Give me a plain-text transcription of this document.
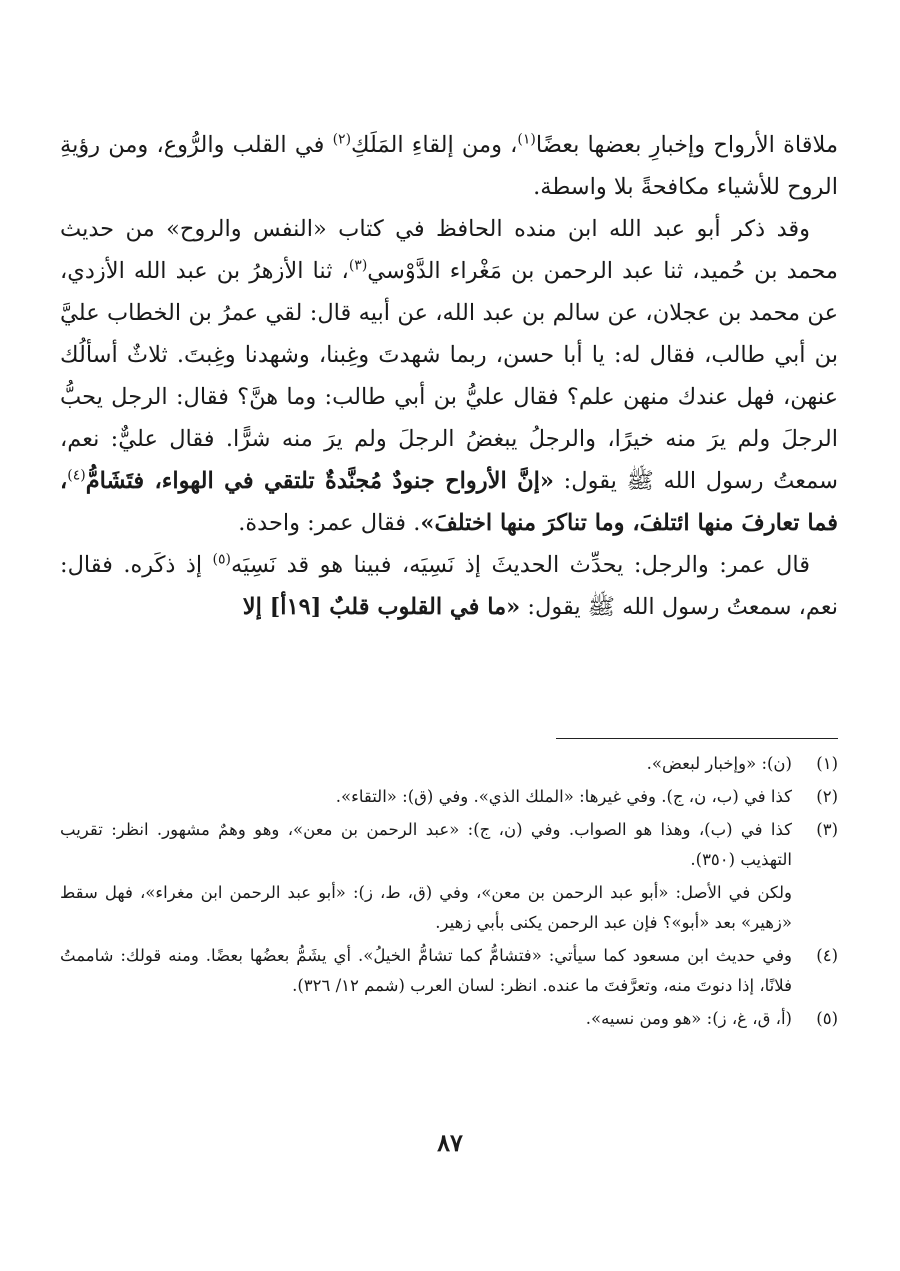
ملاقاة الأرواح وإخبارِ بعضها بعضًا$^{(١)}$، ومن إلقاءِ المَلَكِ$^{(٢)}$ في القلب والرُّوع، ومن رؤيةِ الروح للأشياء مكافحةً بلا واسطة.

وقد ذكر أبو عبد الله ابن منده الحافظ في كتاب «النفس والروح» من حديث محمد بن حُميد، ثنا عبد الرحمن بن مَغْراء الدَّوْسي$^{(٣)}$، ثنا الأزهرُ بن عبد الله الأزدي، عن محمد بن عجلان، عن سالم بن عبد الله، عن أبيه قال: لقي عمرُ بن الخطاب عليَّ بن أبي طالب، فقال له: يا أبا حسن، ربما شهدتَ وغِبنا، وشهدنا وغِبتَ. ثلاثٌ أسألُك عنهن، فهل عندك منهن علم؟ فقال عليُّ بن أبي طالب: وما هنَّ؟ فقال: الرجل يحبُّ الرجلَ ولم يرَ منه خيرًا، والرجلُ يبغضُ الرجلَ ولم يرَ منه شرًّا. فقال عليٌّ: نعم، سمعتُ رسول الله ﷺ يقول: «إنَّ الأرواح جنودٌ مُجنَّدةٌ تلتقي في الهواء، فتَشَامُّ$^{(٤)}$، فما تعارفَ منها ائتلفَ، وما تناكرَ منها اختلفَ». فقال عمر: واحدة.

قال عمر: والرجل: يحدِّث الحديثَ إذ نَسِيَه، فبينا هو قد نَسِيَه$^{(٥)}$ إذ ذكَره. فقال: نعم، سمعتُ رسول الله ﷺ يقول: «ما في القلوب قلبٌ [١٩أ] إلا

(١)
(ن): «وإخبار لبعض».
(٢)
كذا في (ب، ن، ج). وفي غيرها: «الملك الذي». وفي (ق): «التقاء».
(٣)
كذا في (ب)، وهذا هو الصواب. وفي (ن، ج): «عبد الرحمن بن معن»، وهو وهمٌ مشهور. انظر: تقريب التهذيب (٣٥٠).
ولكن في الأصل: «أبو عبد الرحمن بن معن»، وفي (ق، ط، ز): «أبو عبد الرحمن ابن مغراء»، فهل سقط «زهير» بعد «أبو»؟ فإن عبد الرحمن يكنى بأبي زهير.
(٤)
وفي حديث ابن مسعود كما سيأتي: «فتشامُّ كما تشامُّ الخيلُ». أي يشَمُّ بعضُها بعضًا. ومنه قولك: شاممتُ فلانًا، إذا دنوتَ منه، وتعرَّفتَ ما عنده. انظر: لسان العرب (شمم ١٢/ ٣٢٦).
(٥)
(أ، ق، غ، ز): «هو ومن نسيه».
٨٧
